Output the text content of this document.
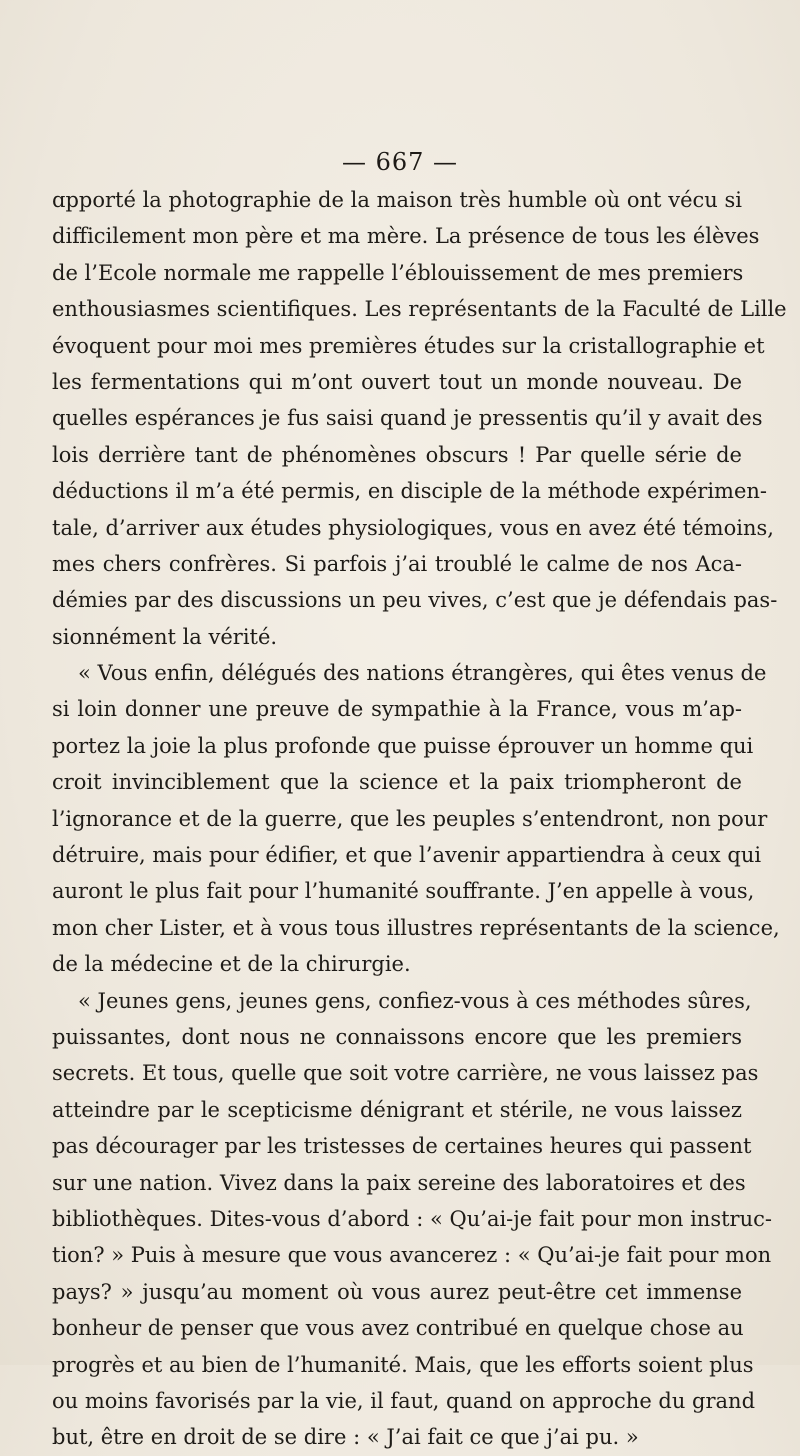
— 667 —
ɑpporté la photographie de la maison très humble où ont vécu si
difficilement mon père et ma mère. La présence de tous les élèves
de l’Ecole normale me rappelle l’éblouissement de mes premiers
enthousiasmes scientifiques. Les représentants de la Faculté de Lille
évoquent pour moi mes premières études sur la cristallographie et
les fermentations qui m’ont ouvert tout un monde nouveau. De
quelles espérances je fus saisi quand je pressentis qu’il y avait des
lois derrière tant de phénomènes obscurs ! Par quelle série de
déductions il m’a été permis, en disciple de la méthode expérimen-
tale, d’arriver aux études physiologiques, vous en avez été témoins,
mes chers confrères. Si parfois j’ai troublé le calme de nos Aca-
démies par des discussions un peu vives, c’est que je défendais pas-
sionnément la vérité.
« Vous enfin, délégués des nations étrangères, qui êtes venus de
si loin donner une preuve de sympathie à la France, vous m’ap-
portez la joie la plus profonde que puisse éprouver un homme qui
croit invinciblement que la science et la paix triompheront de
l’ignorance et de la guerre, que les peuples s’entendront, non pour
détruire, mais pour édifier, et que l’avenir appartiendra à ceux qui
auront le plus fait pour l’humanité souffrante. J’en appelle à vous,
mon cher Lister, et à vous tous illustres représentants de la science,
de la médecine et de la chirurgie.
« Jeunes gens, jeunes gens, confiez-vous à ces méthodes sûres,
puissantes, dont nous ne connaissons encore que les premiers
secrets. Et tous, quelle que soit votre carrière, ne vous laissez pas
atteindre par le scepticisme dénigrant et stérile, ne vous laissez
pas décourager par les tristesses de certaines heures qui passent
sur une nation. Vivez dans la paix sereine des laboratoires et des
bibliothèques. Dites-vous d’abord : « Qu’ai-je fait pour mon instruc-
tion? » Puis à mesure que vous avancerez : « Qu’ai-je fait pour mon
pays? » jusqu’au moment où vous aurez peut-être cet immense
bonheur de penser que vous avez contribué en quelque chose au
progrès et au bien de l’humanité. Mais, que les efforts soient plus
ou moins favorisés par la vie, il faut, quand on approche du grand
but, être en droit de se dire : « J’ai fait ce que j’ai pu. »
